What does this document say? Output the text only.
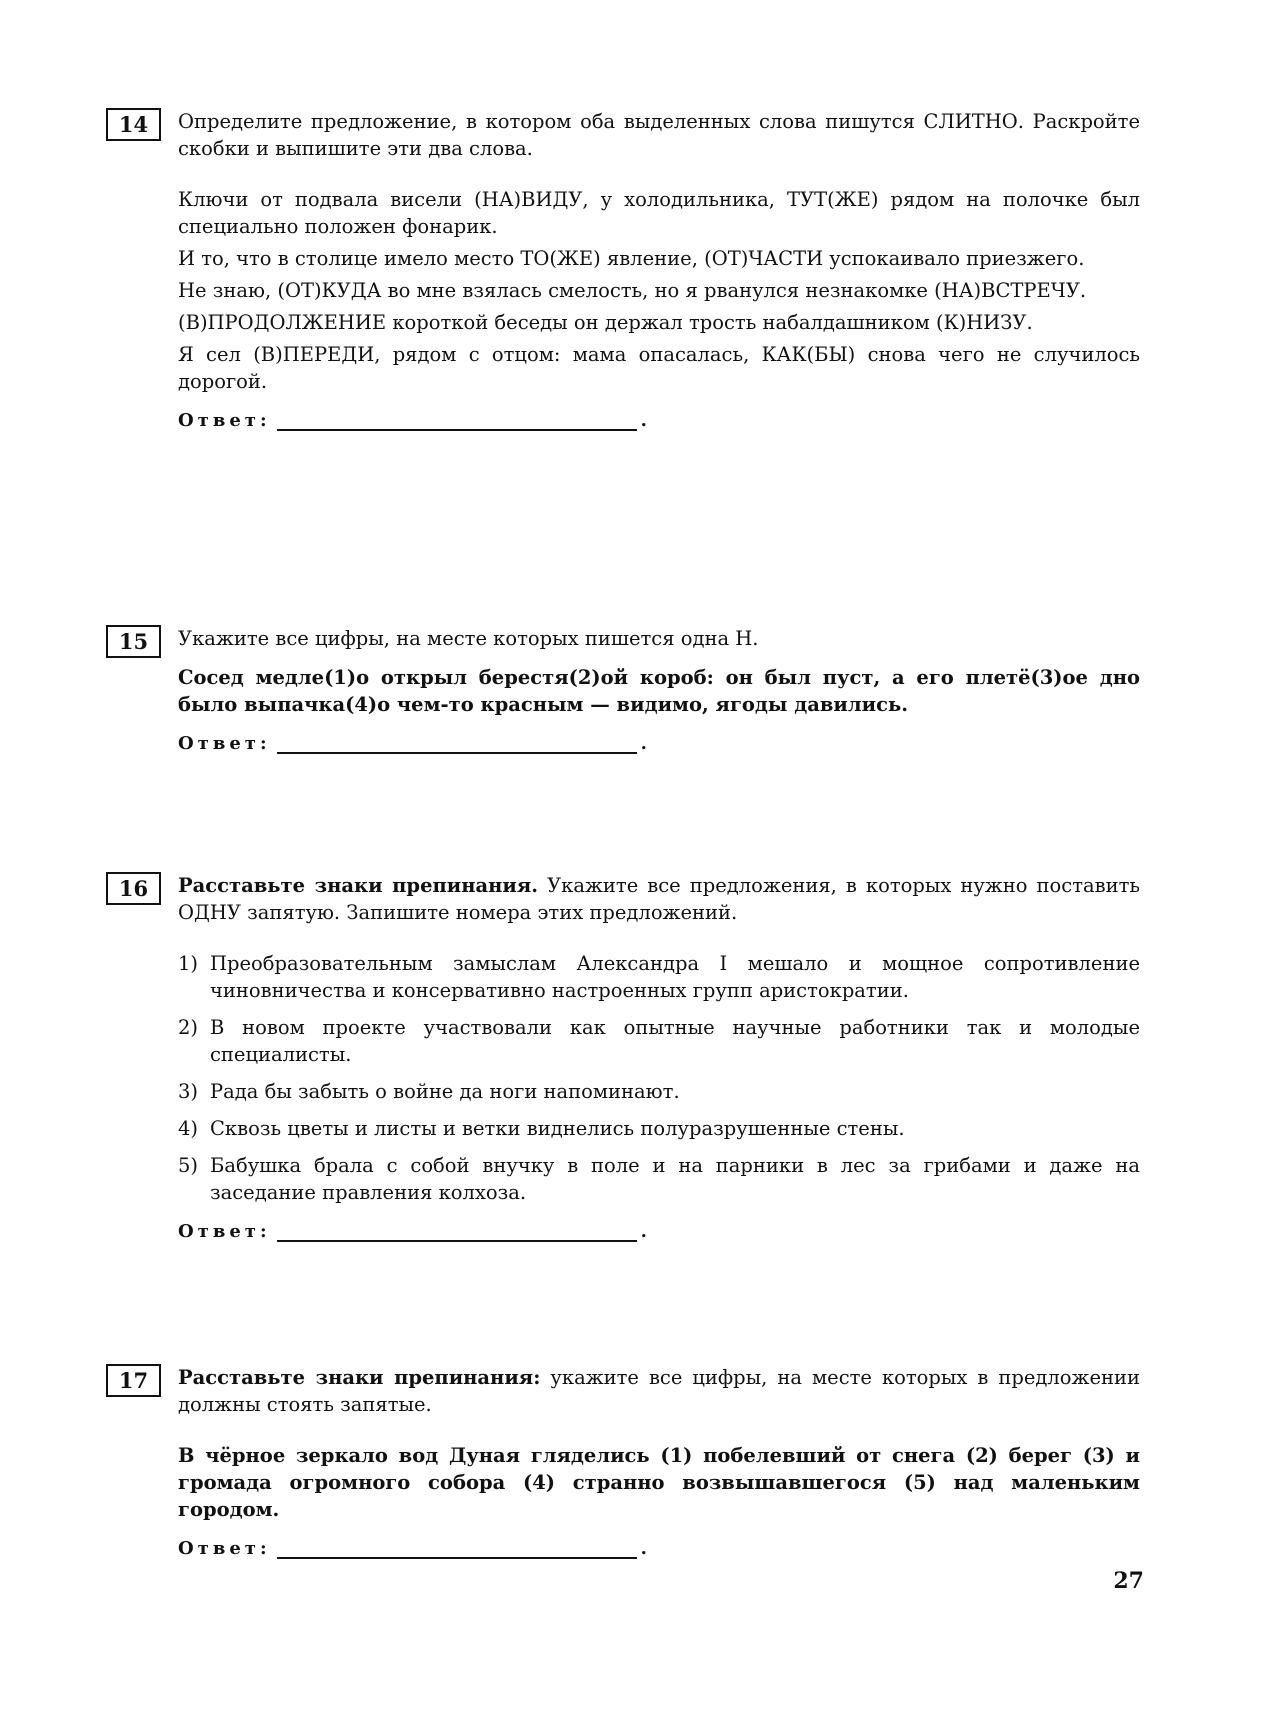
14	Определите предложение, в котором оба выделенных слова пишутся СЛИТНО. Раскройте скобки и выпишите эти два слова.

Ключи от подвала висели (НА)ВИДУ, у холодильника, ТУТ(ЖЕ) рядом на полочке был специально положен фонарик.

И то, что в столице имело место ТО(ЖЕ) явление, (ОТ)ЧАСТИ успокаивало приезжего.

Не знаю, (ОТ)КУДА во мне взялась смелость, но я рванулся незнакомке (НА)ВСТРЕЧУ.

(В)ПРОДОЛЖЕНИЕ короткой беседы он держал трость набалдашником (К)НИЗУ.

Я сел (В)ПЕРЕДИ, рядом с отцом: мама опасалась, КАК(БЫ) снова чего не случилось дорогой.

Ответ:	.
15	Укажите все цифры, на месте которых пишется одна Н.

Сосед медле(1)о открыл берестя(2)ой короб: он был пуст, а его плетё(3)ое дно было выпачка(4)о чем-то красным — видимо, ягоды давились.

Ответ:	.
16	Расставьте знаки препинания. Укажите все предложения, в которых нужно поставить ОДНУ запятую. Запишите номера этих предложений.

1) Преобразовательным замыслам Александра I мешало и мощное сопротивление чиновничества и консервативно настроенных групп аристократии.
2) В новом проекте участвовали как опытные научные работники так и молодые специалисты.
3) Рада бы забыть о войне да ноги напоминают.
4) Сквозь цветы и листы и ветки виднелись полуразрушенные стены.
5) Бабушка брала с собой внучку в поле и на парники в лес за грибами и даже на заседание правления колхоза.
Ответ:	.
17	Расставьте знаки препинания: укажите все цифры, на месте которых в предложении должны стоять запятые.

В чёрное зеркало вод Дуная гляделись (1) побелевший от снега (2) берег (3) и громада огромного собора (4) странно возвышавшегося (5) над маленьким городом.

Ответ:	.
27
